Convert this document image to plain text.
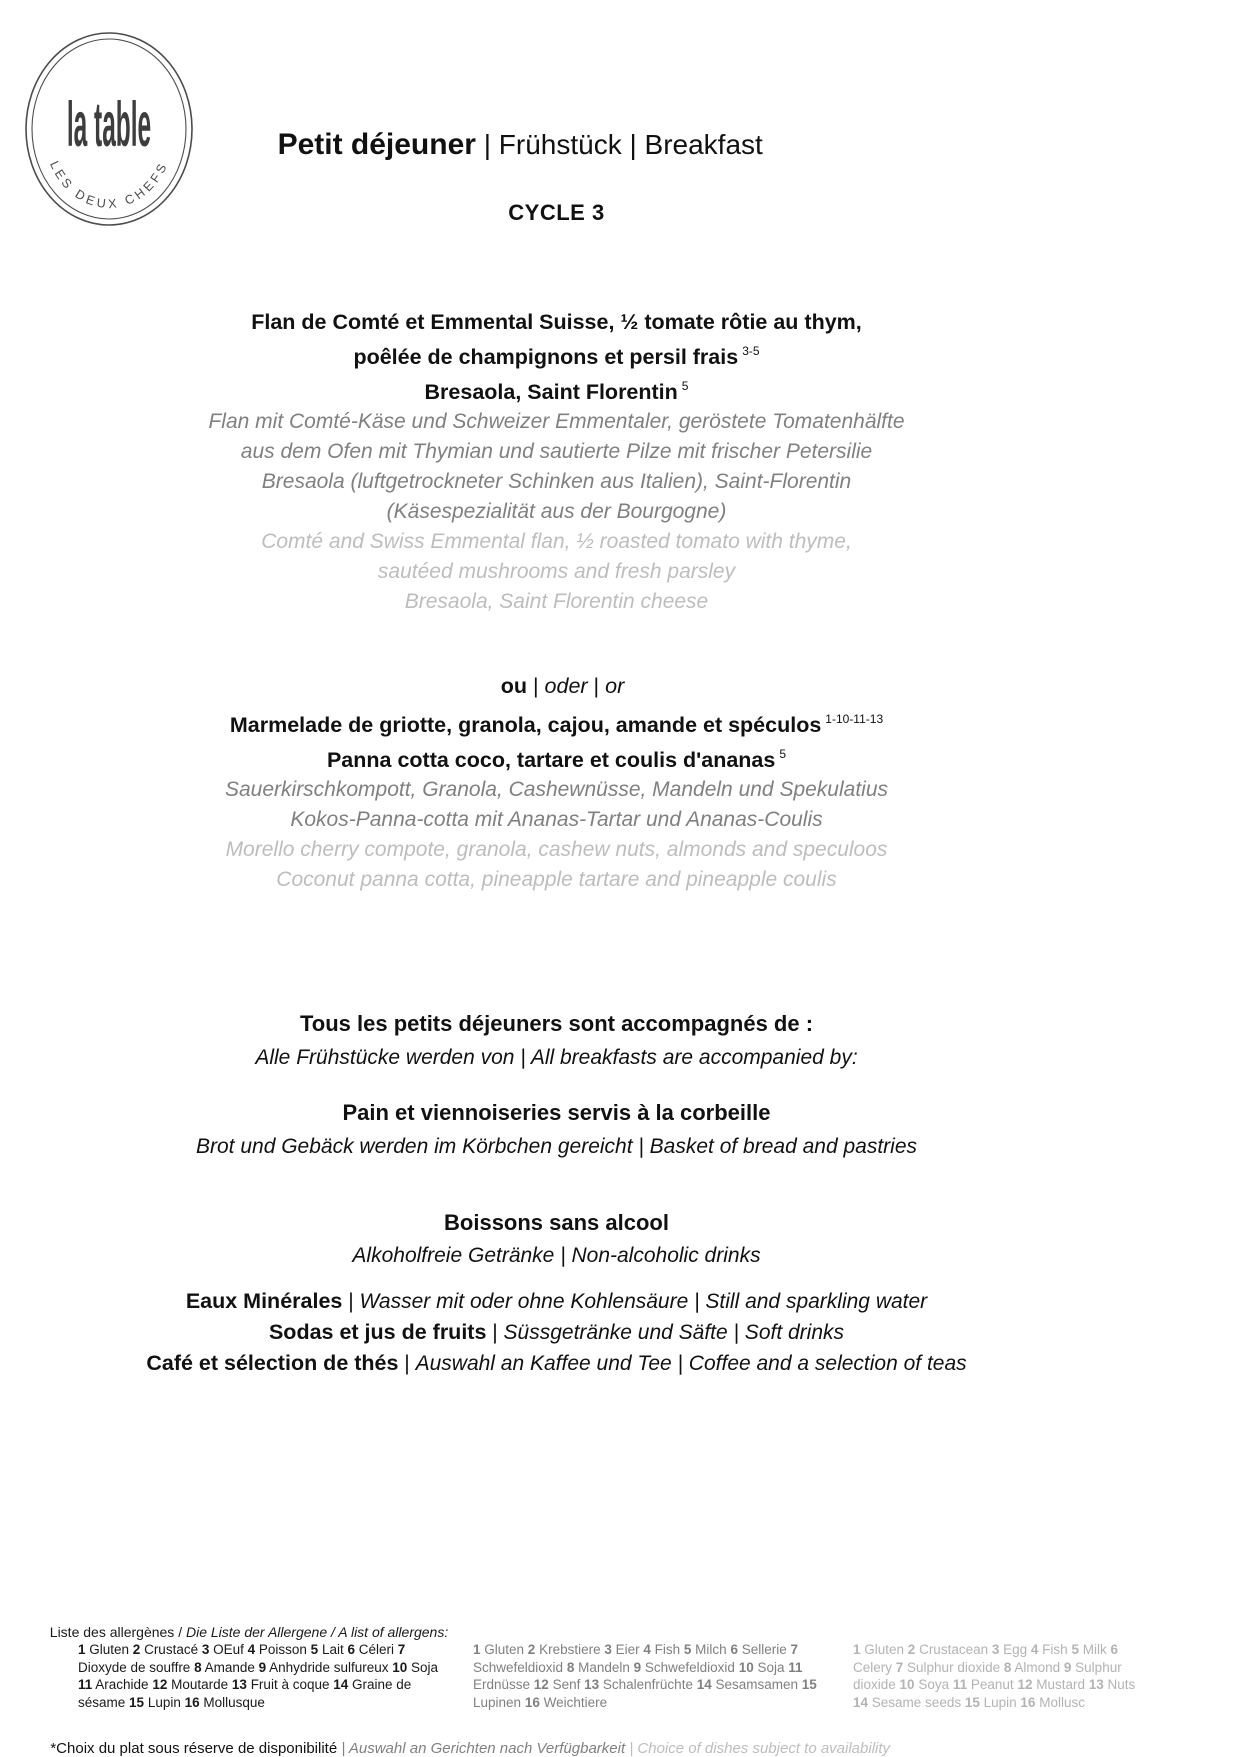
la table
LES DEUX CHEFS

Petit déjeuner | Frühstück | Breakfast

CYCLE 3
Flan de Comté et Emmental Suisse, ½ tomate rôtie au thym,
poêlée de champignons et persil frais $^{3-5}$
Bresaola, Saint Florentin $^5$
Flan mit Comté-Käse und Schweizer Emmentaler, geröstete Tomatenhälfte
aus dem Ofen mit Thymian und sautierte Pilze mit frischer Petersilie
Bresaola (luftgetrockneter Schinken aus Italien), Saint-Florentin
(Käsespezialität aus der Bourgogne)
Comté and Swiss Emmental flan, ½ roasted tomato with thyme,
sautéed mushrooms and fresh parsley
Bresaola, Saint Florentin cheese

ou | oder | or

Marmelade de griotte, granola, cajou, amande et spéculos $^{1-10-11-13}$
Panna cotta coco, tartare et coulis d'ananas $^5$
Sauerkirschkompott, Granola, Cashewnüsse, Mandeln und Spekulatius
Kokos-Panna-cotta mit Ananas-Tartar und Ananas-Coulis
Morello cherry compote, granola, cashew nuts, almonds and speculoos
Coconut panna cotta, pineapple tartare and pineapple coulis
Tous les petits déjeuners sont accompagnés de :
Alle Frühstücke werden von | All breakfasts are accompanied by:
Pain et viennoiseries servis à la corbeille
Brot und Gebäck werden im Körbchen gereicht | Basket of bread and pastries
Boissons sans alcool
Alkoholfreie Getränke | Non-alcoholic drinks
Eaux Minérales | Wasser mit oder ohne Kohlensäure | Still and sparkling water
Sodas et jus de fruits | Süssgetränke und Säfte | Soft drinks
Café et sélection de thés | Auswahl an Kaffee und Tee | Coffee and a selection of teas

Liste des allergènes / Die Liste der Allergene / A list of allergens:

1 Gluten 2 Crustacé 3 OEuf 4 Poisson 5 Lait 6 Céleri 7 Dioxyde de souffre 8 Amande 9 Anhydride sulfureux 10 Soja 11 Arachide 12 Moutarde 13 Fruit à coque 14 Graine de sésame 15 Lupin 16 Mollusque
1 Gluten 2 Krebstiere 3 Eier 4 Fish 5 Milch 6 Sellerie 7 Schwefeldioxid 8 Mandeln 9 Schwefeldioxid 10 Soja 11 Erdnüsse 12 Senf 13 Schalenfrüchte 14 Sesamsamen 15 Lupinen 16 Weichtiere
1 Gluten 2 Crustacean 3 Egg 4 Fish 5 Milk 6 Celery 7 Sulphur dioxide 8 Almond 9 Sulphur dioxide 10 Soya 11 Peanut 12 Mustard 13 Nuts 14 Sesame seeds 15 Lupin 16 Mollusc

*Choix du plat sous réserve de disponibilité | Auswahl an Gerichten nach Verfügbarkeit | Choice of dishes subject to availability
